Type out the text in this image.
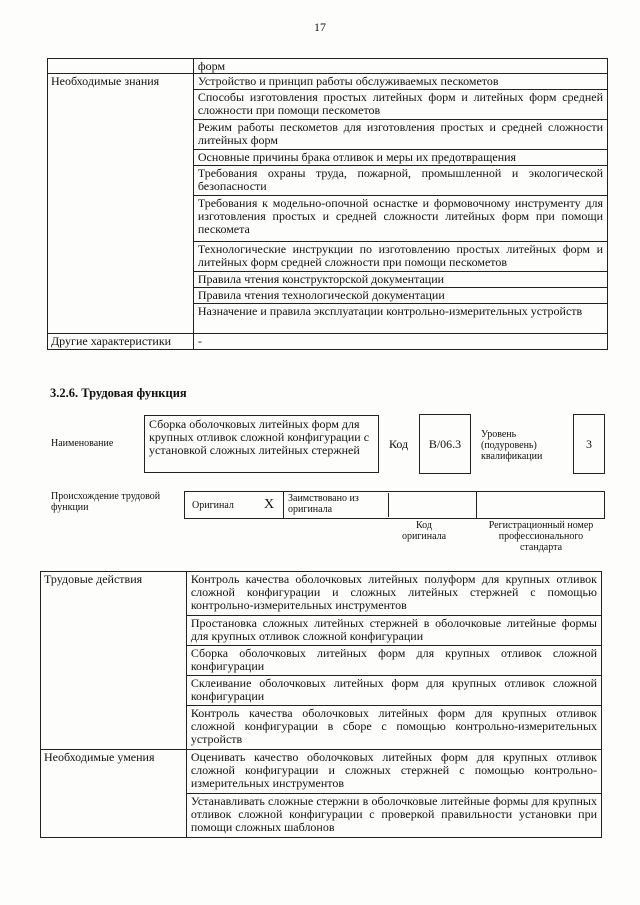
17
	форм
Необходимые знания	Устройство и принцип работы обслуживаемых пескометов
	Способы изготовления простых литейных форм и литейных форм средней сложности при помощи пескометов
	Режим работы пескометов для изготовления простых и средней сложности литейных форм
	Основные причины брака отливок и меры их предотвращения
	Требования охраны труда, пожарной, промышленной и экологической безопасности
	Требования к модельно-опочной оснастке и формовочному инструменту для изготовления простых и средней сложности литейных форм при помощи пескомета
	Технологические инструкции по изготовлению простых литейных форм и литейных форм средней сложности при помощи пескометов
	Правила чтения конструкторской документации
	Правила чтения технологической документации
	Назначение и правила эксплуатации контрольно-измерительных устройств
Другие характеристики	-
3.2.6. Трудовая функция
Наименование
Сборка оболочковых литейных форм для крупных отливок сложной конфигурации с установкой сложных литейных стержней	Код B/06.3
Уровень (подуровень) квалификации
3
Происхождение трудовой функции	Оригинал X Заимствовано из оригинала
Код оригинала
Регистрационный номер профессионального стандарта
Трудовые действия	Контроль качества оболочковых литейных полуформ для крупных отливок сложной конфигурации и сложных литейных стержней с помощью контрольно-измерительных инструментов
	Простановка сложных литейных стержней в оболочковые литейные формы для крупных отливок сложной конфигурации
	Сборка оболочковых литейных форм для крупных отливок сложной конфигурации
	Склеивание оболочковых литейных форм для крупных отливок сложной конфигурации
	Контроль качества оболочковых литейных форм для крупных отливок сложной конфигурации в сборе с помощью контрольно-измерительных устройств
Необходимые умения	Оценивать качество оболочковых литейных форм для крупных отливок сложной конфигурации и сложных стержней с помощью контрольно-измерительных инструментов
	Устанавливать сложные стержни в оболочковые литейные формы для крупных отливок сложной конфигурации с проверкой правильности установки при помощи сложных шаблонов
